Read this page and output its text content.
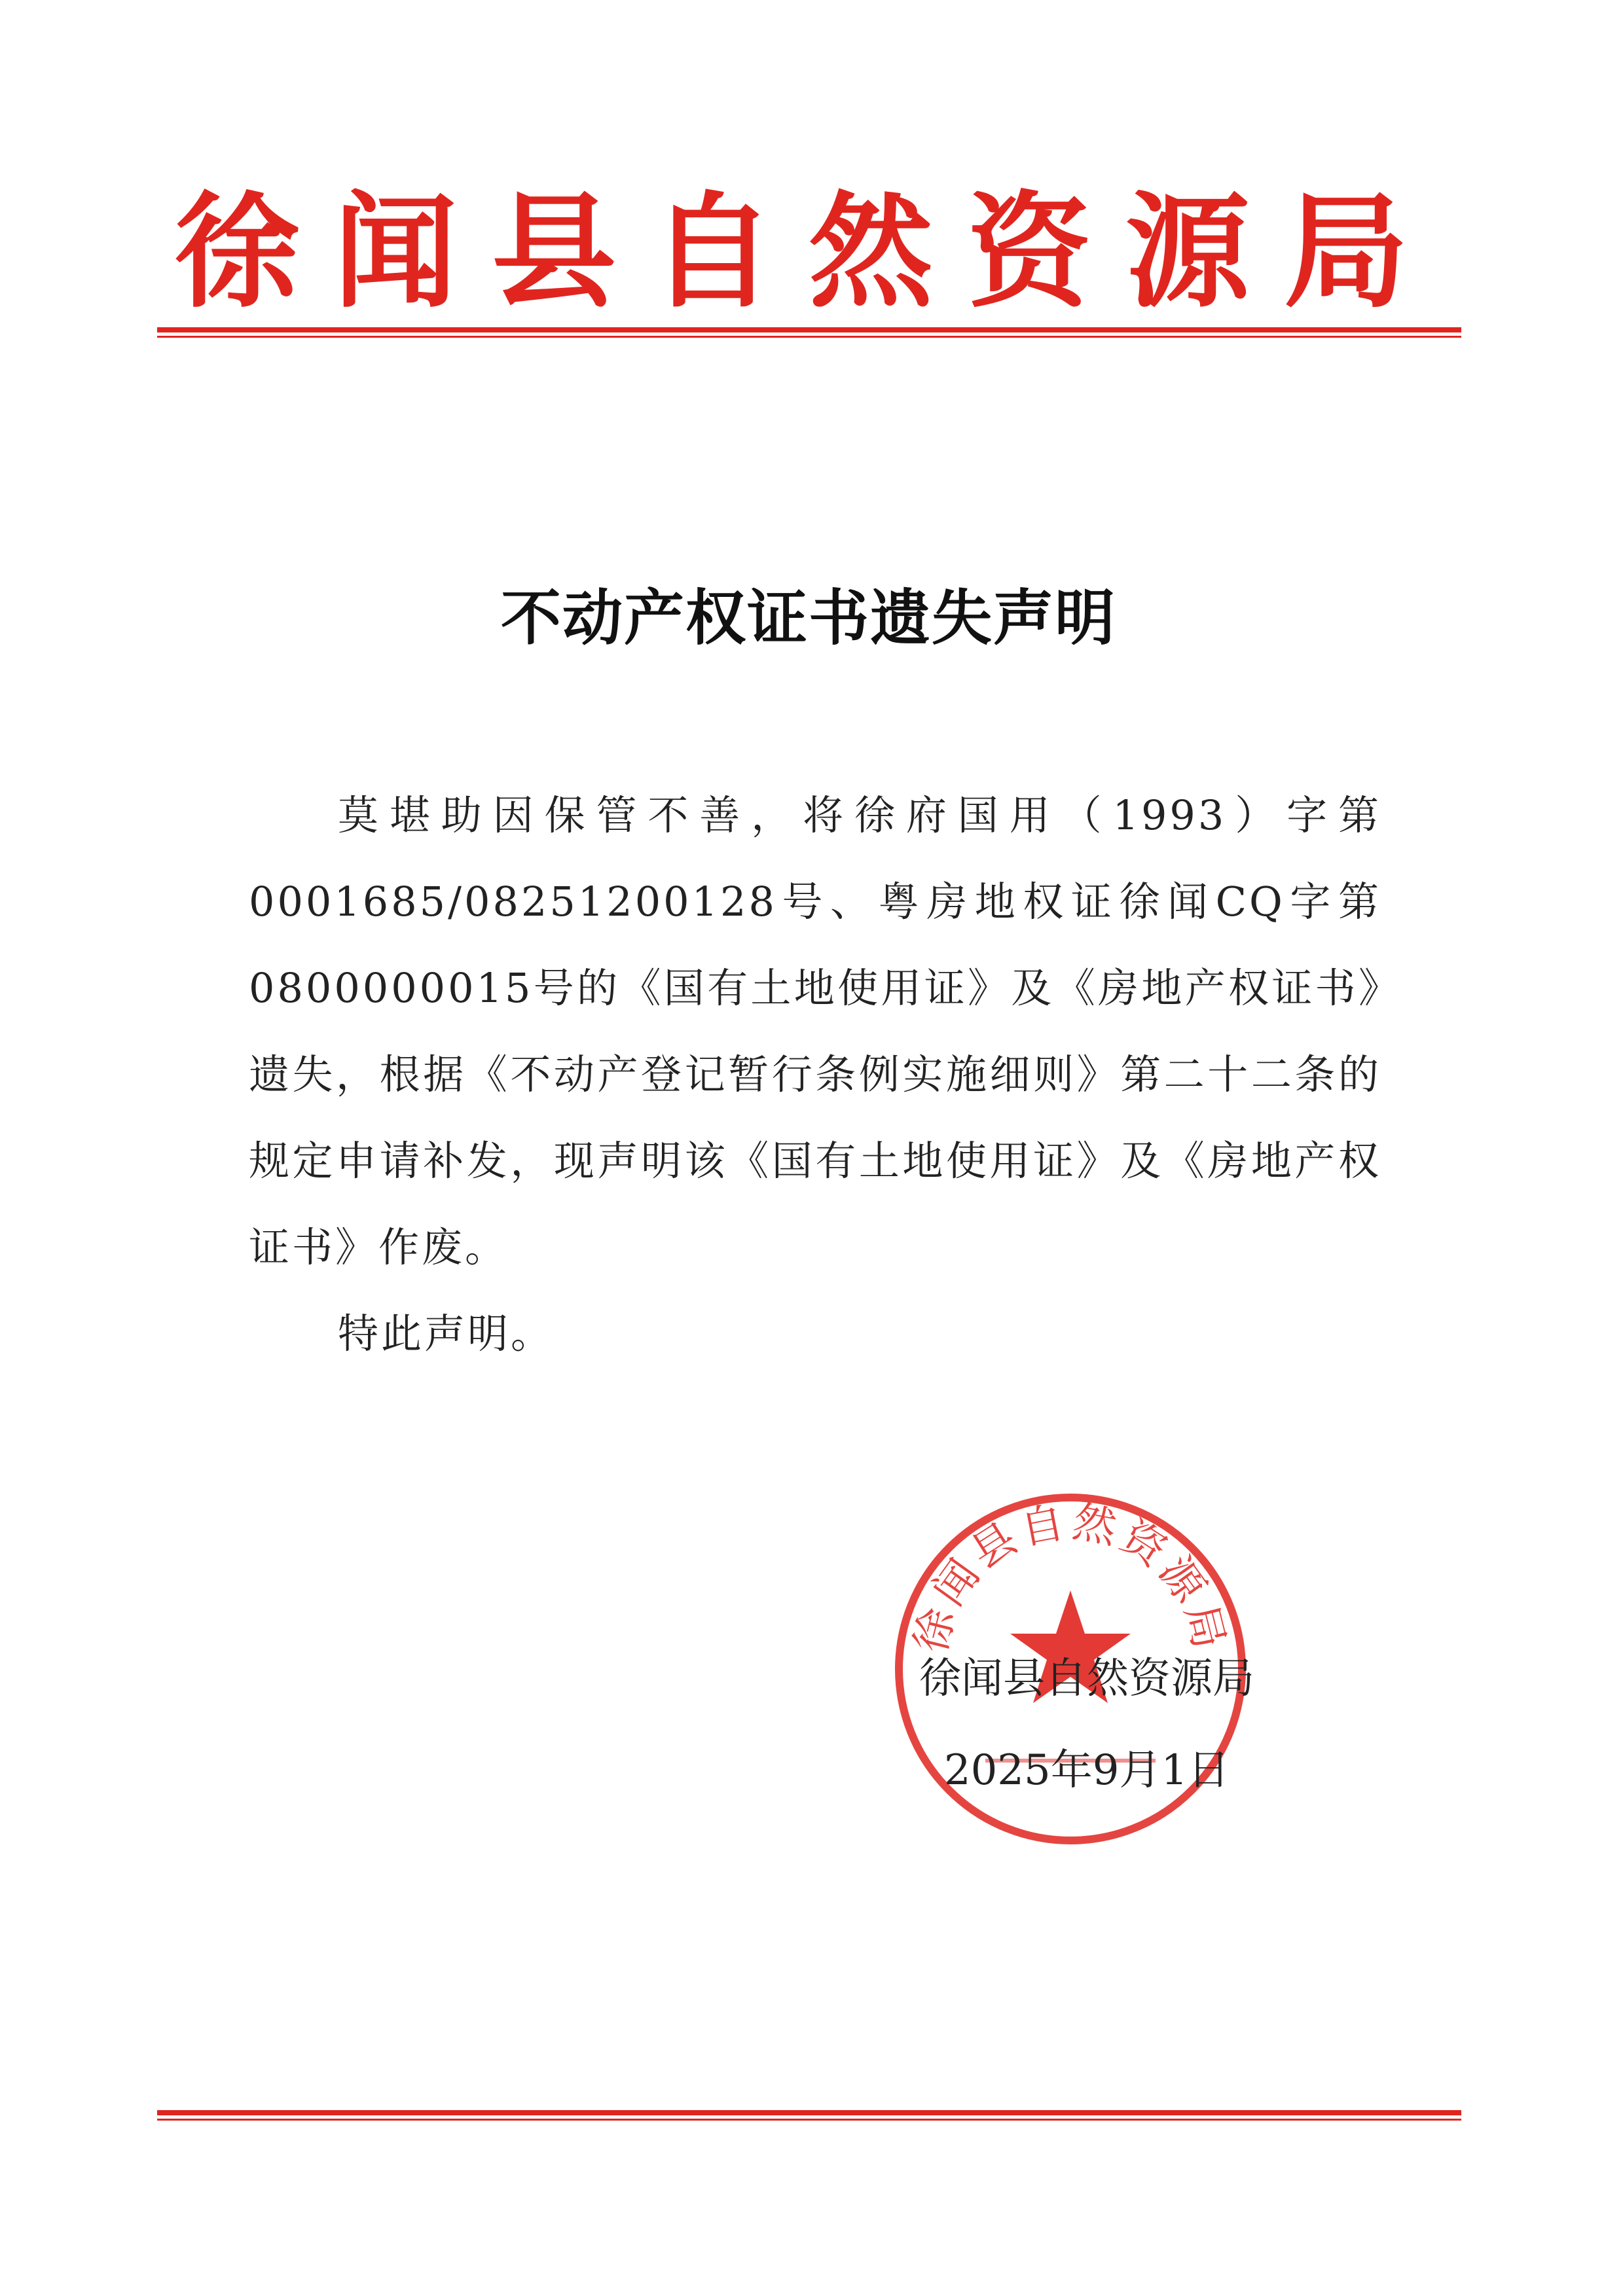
徐闻县自然资源局
不动产权证书遗失声明

莫堪助因保管不善，将徐府国用（1993）字第0001685/08251200128号、粤房地权证徐闻CQ字第0800000015号的《国有土地使用证》及《房地产权证书》遗失，根据《不动产登记暂行条例实施细则》第二十二条的规定申请补发，现声明该《国有土地使用证》及《房地产权证书》作废。

特此声明。

徐闻县自然资源局
徐闻县自然资源局
2025年9月1日
